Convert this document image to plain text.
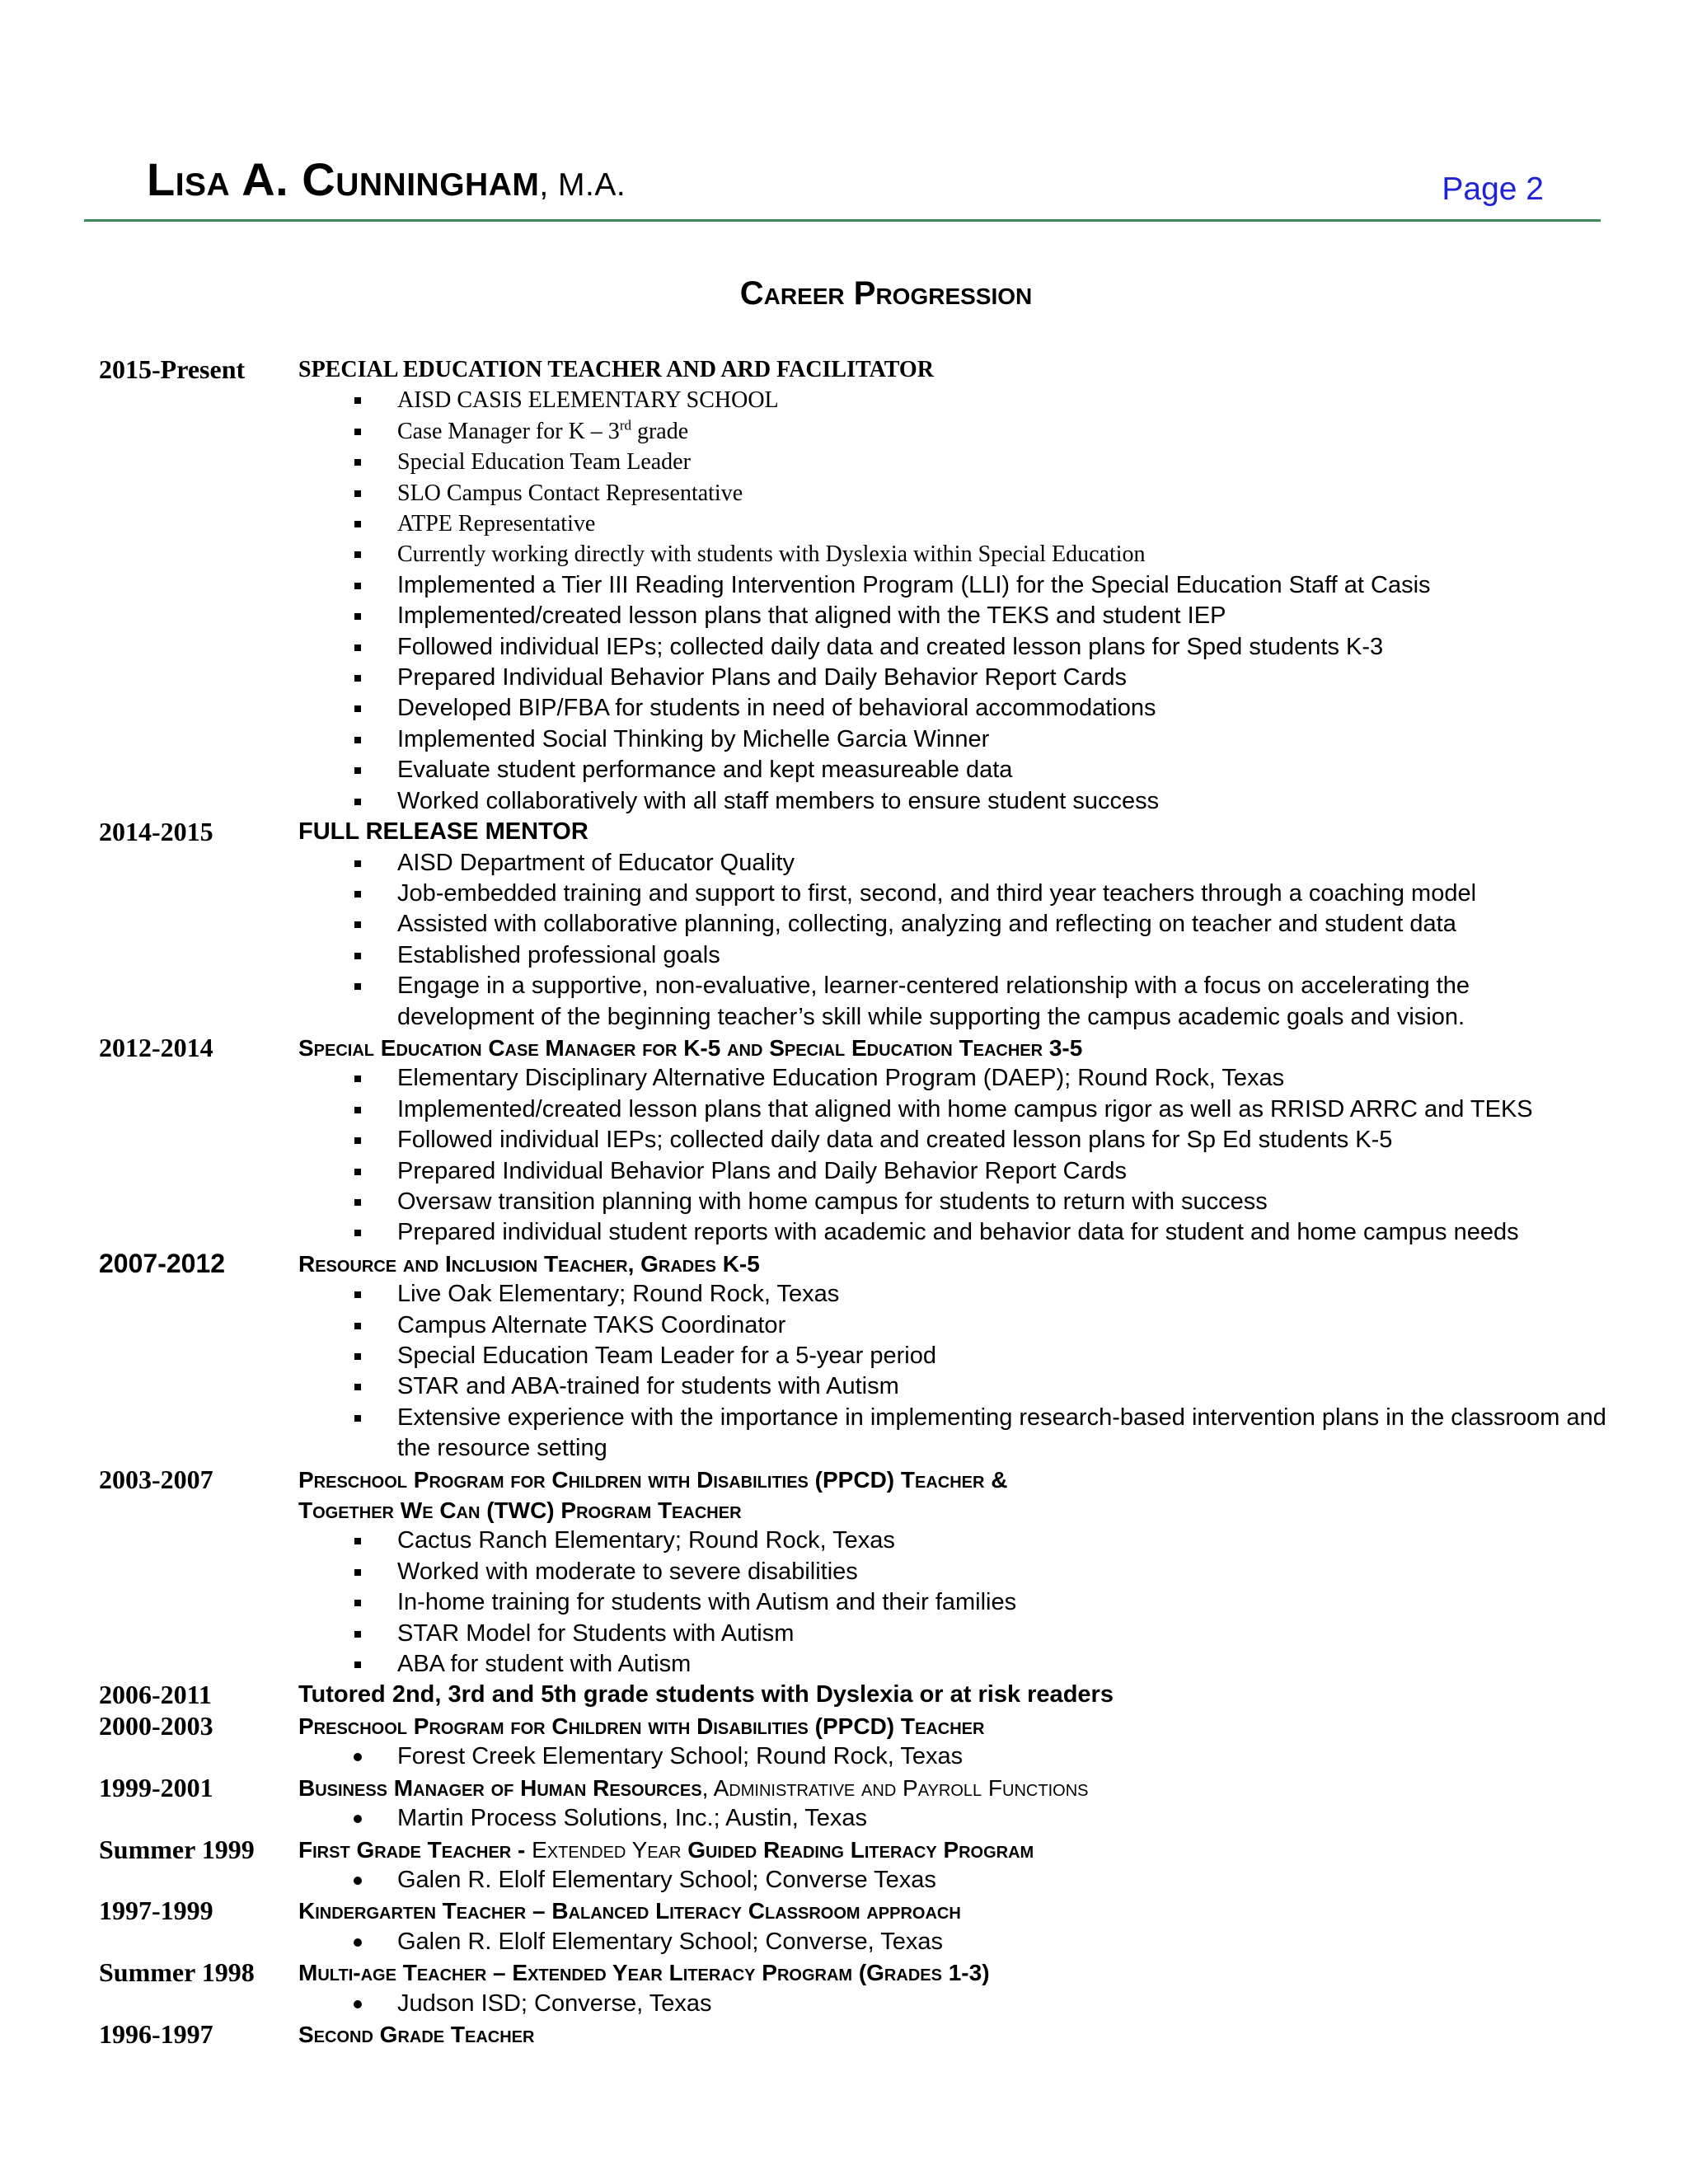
Lisa A. Cunningham, M.A.	Page 2
Career Progression
2015-Present SPECIAL EDUCATION TEACHER AND ARD FACILITATOR
AISD CASIS ELEMENTARY SCHOOL
Case Manager for K – 3rd grade
Special Education Team Leader
SLO Campus Contact Representative
ATPE Representative
Currently working directly with students with Dyslexia within Special Education
Implemented a Tier III Reading Intervention Program (LLI) for the Special Education Staff at Casis
Implemented/created lesson plans that aligned with the TEKS and student IEP
Followed individual IEPs; collected daily data and created lesson plans for Sped students K-3
Prepared Individual Behavior Plans and Daily Behavior Report Cards
Developed BIP/FBA for students in need of behavioral accommodations
Implemented Social Thinking by Michelle Garcia Winner
Evaluate student performance and kept measureable data
Worked collaboratively with all staff members to ensure student success
2014-2015	FULL RELEASE MENTOR
AISD Department of Educator Quality
Job-embedded training and support to first, second, and third year teachers through a coaching model
Assisted with collaborative planning, collecting, analyzing and reflecting on teacher and student data
Established professional goals
Engage in a supportive, non-evaluative, learner-centered relationship with a focus on accelerating the development of the beginning teacher’s skill while supporting the campus academic goals and vision.
2012-2014	Special Education Case Manager for K-5 and Special Education Teacher 3-5
Elementary Disciplinary Alternative Education Program (DAEP); Round Rock, Texas
Implemented/created lesson plans that aligned with home campus rigor as well as RRISD ARRC and TEKS
Followed individual IEPs; collected daily data and created lesson plans for Sp Ed students K-5
Prepared Individual Behavior Plans and Daily Behavior Report Cards
Oversaw transition planning with home campus for students to return with success
Prepared individual student reports with academic and behavior data for student and home campus needs
2007-2012	Resource and Inclusion Teacher, Grades K-5
Live Oak Elementary; Round Rock, Texas
Campus Alternate TAKS Coordinator
Special Education Team Leader for a 5-year period
STAR and ABA-trained for students with Autism
Extensive experience with the importance in implementing research-based intervention plans in the classroom and the resource setting
2003-2007	Preschool Program for Children with Disabilities (PPCD) Teacher &
Together We Can (TWC) Program Teacher
Cactus Ranch Elementary; Round Rock, Texas
Worked with moderate to severe disabilities
In-home training for students with Autism and their families
STAR Model for Students with Autism
ABA for student with Autism
2006-2011	Tutored 2nd, 3rd and 5th grade students with Dyslexia or at risk readers
2000-2003	Preschool Program for Children with Disabilities (PPCD) Teacher
Forest Creek Elementary School; Round Rock, Texas
1999-2001	Business Manager of Human Resources, Administrative and Payroll Functions
Martin Process Solutions, Inc.; Austin, Texas
Summer 1999 First Grade Teacher - Extended Year Guided Reading Literacy Program
Galen R. Elolf Elementary School; Converse Texas
1997-1999	Kindergarten Teacher – Balanced Literacy Classroom approach
Galen R. Elolf Elementary School; Converse, Texas
Summer 1998 Multi-age Teacher – Extended Year Literacy Program (Grades 1-3)
Judson ISD; Converse, Texas
1996-1997	Second Grade Teacher
